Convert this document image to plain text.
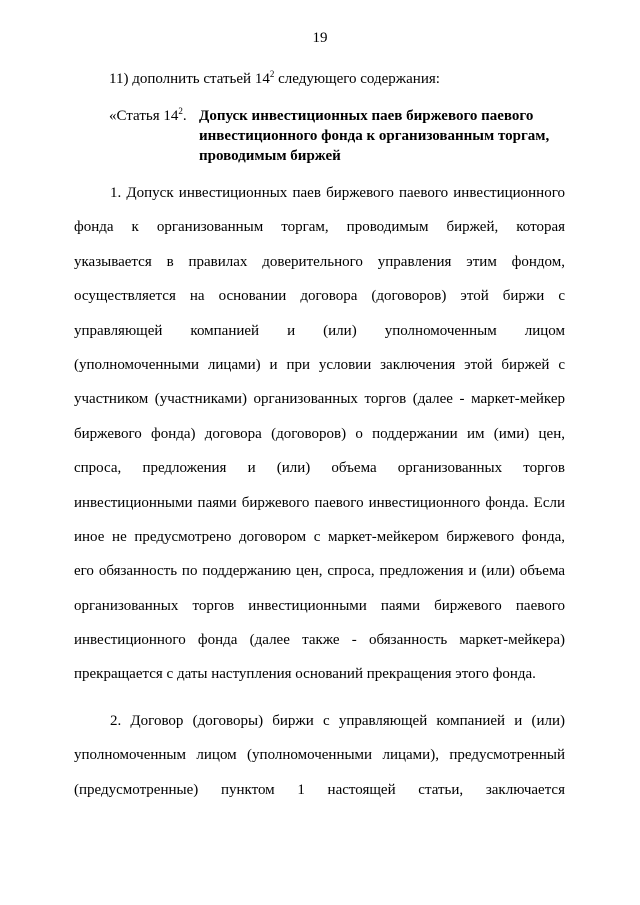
19
11) дополнить статьей $14^2$ следующего содержания:
«Статья $14^2$. Допуск инвестиционных паев биржевого паевого
инвестиционного фонда к организованным торгам,
проводимым биржей
1. Допуск инвестиционных паев биржевого паевого инвестиционного
фонда к организованным торгам, проводимым биржей, которая
указывается в правилах доверительного управления этим фондом,
осуществляется на основании договора (договоров) этой биржи с
управляющей компанией и (или) уполномоченным лицом
(уполномоченными лицами) и при условии заключения этой биржей с
участником (участниками) организованных торгов (далее - маркет-мейкер
биржевого фонда) договора (договоров) о поддержании им (ими) цен,
спроса, предложения и (или) объема организованных торгов
инвестиционными паями биржевого паевого инвестиционного фонда. Если
иное не предусмотрено договором с маркет-мейкером биржевого фонда,
его обязанность по поддержанию цен, спроса, предложения и (или) объема
организованных торгов инвестиционными паями биржевого паевого
инвестиционного фонда (далее также - обязанность маркет-мейкера)
прекращается с даты наступления оснований прекращения этого фонда.
2. Договор (договоры) биржи с управляющей компанией и (или)
уполномоченным лицом (уполномоченными лицами), предусмотренный
(предусмотренные) пунктом 1 настоящей статьи, заключается
